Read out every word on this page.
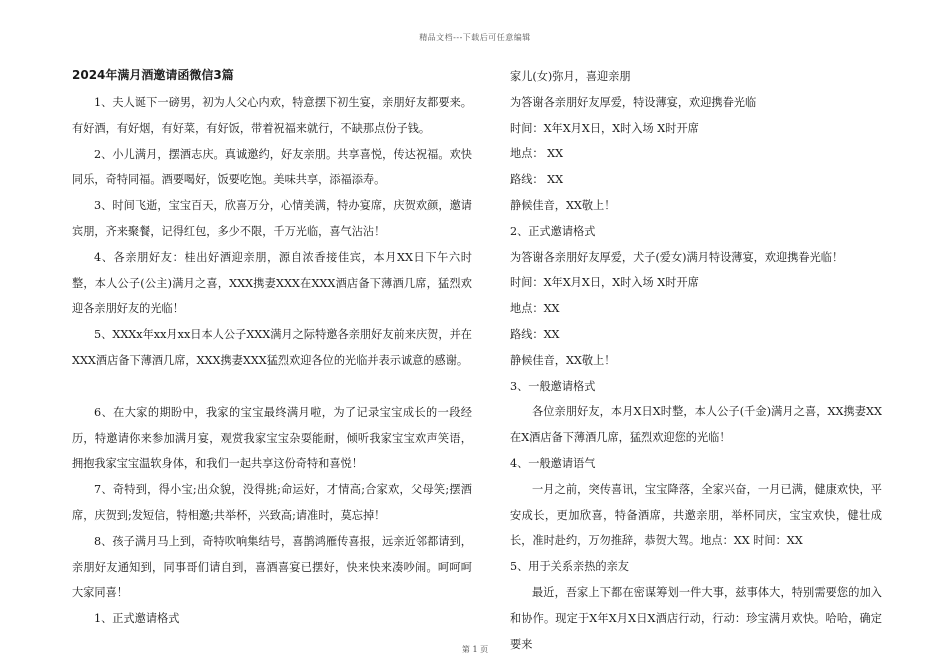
精品文档---下载后可任意编辑
2024年满月酒邀请函微信3篇

1、夫人诞下一磅男，初为人父心内欢，特意摆下初生宴，亲朋好友都要来。有好酒，有好烟，有好菜，有好饭，带着祝福来就行，不缺那点份子钱。

2、小儿满月，摆酒志庆。真诚邀约，好友亲朋。共享喜悦，传达祝福。欢快同乐，奇特同福。酒要喝好，饭要吃饱。美味共享，添福添寿。

3、时间飞逝，宝宝百天，欣喜万分，心情美满，特办宴席，庆贺欢颜，邀请宾朋，齐来聚餐，记得红包，多少不限，千万光临，喜气沾沾！

4、各亲朋好友：桂出好酒迎亲朋，源自浓香接佳宾，本月XX日下午六时整，本人公子(公主)满月之喜，XXX携妻XXX在XXX酒店备下薄酒几席，猛烈欢迎各亲朋好友的光临！

5、XXXx年xx月xx日本人公子XXX满月之际特邀各亲朋好友前来庆贺，并在XXX酒店备下薄酒几席，XXX携妻XXX猛烈欢迎各位的光临并表示诚意的感谢。

6、在大家的期盼中，我家的宝宝最终满月啦，为了记录宝宝成长的一段经历，特邀请你来参加满月宴，观赏我家宝宝杂耍能耐，倾听我家宝宝欢声笑语，拥抱我家宝宝温软身体，和我们一起共享这份奇特和喜悦！

7、奇特到，得小宝;出众貌，没得挑;命运好，才情高;合家欢，父母笑;摆酒席，庆贺到;发短信，特相邀;共举杯，兴致高;请准时，莫忘掉！

8、孩子满月马上到，奇特吹响集结号，喜鹊鸿雁传喜报，远亲近邻都请到，亲朋好友通知到，同事哥们请自到，喜酒喜宴已摆好，快来快来凑吵闹。呵呵呵大家同喜！

1、正式邀请格式

家儿(女)弥月，喜迎亲朋

为答谢各亲朋好友厚爱，特设薄宴，欢迎携眷光临

时间：X年X月X日，X时入场 X时开席

地点： XX

路线： XX

静候佳音，XX敬上！

2、正式邀请格式

为答谢各亲朋好友厚爱，犬子(爱女)满月特设薄宴，欢迎携眷光临！

时间：X年X月X日，X时入场 X时开席

地点：XX

路线：XX

静候佳音，XX敬上！

3、一般邀请格式

各位亲朋好友，本月X日X时整，本人公子(千金)满月之喜，XX携妻XX在X酒店备下薄酒几席，猛烈欢迎您的光临！

4、一般邀请语气

一月之前，突传喜讯，宝宝降落，全家兴奋，一月已满，健康欢快，平安成长，更加欣喜，特备酒席，共邀亲朋，举杯同庆，宝宝欢快，健壮成长，准时赴约，万勿推辞，恭贺大驾。地点：XX 时间：XX

5、用于关系亲热的亲友

最近，吾家上下都在密谋筹划一件大事，兹事体大，特别需要您的加入和协作。现定于X年X月X日X酒店行动，行动：珍宝满月欢快。哈哈，确定要来

第 1 页
